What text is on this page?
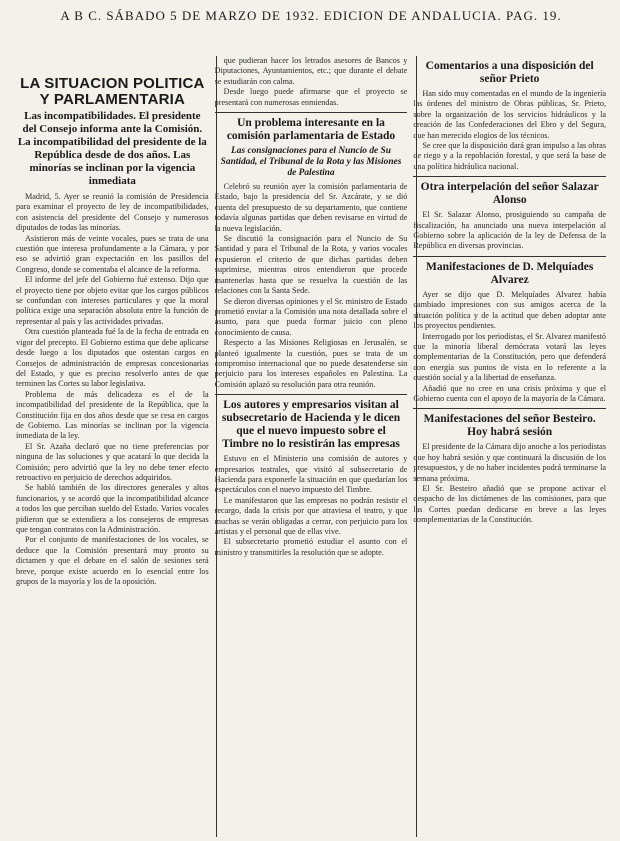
A B C. SÁBADO 5 DE MARZO DE 1932. EDICION DE ANDALUCIA. PAG. 19.
LA SITUACION POLITICA Y PARLAMENTARIA
Las incompatibilidades. El presidente del Consejo informa ante la Comisión. La incompatibilidad del presidente de la República desde de dos años. Las minorías se inclinan por la vigencia inmediata

Madrid, 5. Ayer se reunió la comisión de Presidencia para examinar el proyecto de ley de incompatibilidades, con asistencia del presidente del Consejo y numerosos diputados de todas las minorías.

Asistieron más de veinte vocales, pues se trata de una cuestión que interesa profundamente a la Cámara, y por eso se advirtió gran expectación en los pasillos del Congreso, donde se comentaba el alcance de la reforma.

El informe del jefe del Gobierno fué extenso. Dijo que el proyecto tiene por objeto evitar que los cargos públicos se confundan con intereses particulares y que la moral política exige una separación absoluta entre la función de representar al país y las actividades privadas.

Otra cuestión planteada fué la de la fecha de entrada en vigor del precepto. El Gobierno estima que debe aplicarse desde luego a los diputados que ostentan cargos en Consejos de administración de empresas concesionarias del Estado, y que es preciso resolverlo antes de que terminen las Cortes su labor legislativa.

Problema de más delicadeza es el de la incompatibilidad del presidente de la República, que la Constitución fija en dos años desde que se cesa en cargos de Gobierno. Las minorías se inclinan por la vigencia inmediata de la ley.

El Sr. Azaña declaró que no tiene preferencias por ninguna de las soluciones y que acatará lo que decida la Comisión; pero advirtió que la ley no debe tener efecto retroactivo en perjuicio de derechos adquiridos.

Se habló también de los directores generales y altos funcionarios, y se acordó que la incompatibilidad alcance a todos los que perciban sueldo del Estado. Varios vocales pidieron que se extendiera a los consejeros de empresas que tengan contratos con la Administración.

Por el conjunto de manifestaciones de los vocales, se deduce que la Comisión presentará muy pronto su dictamen y que el debate en el salón de sesiones será breve, porque existe acuerdo en lo esencial entre los grupos de la mayoría y los de la oposición.

que pudieran hacer los letrados asesores de Bancos y Diputaciones, Ayuntamientos, etc.; que durante el debate se estudiarán con calma.

Desde luego puede afirmarse que el proyecto se presentará con numerosas enmiendas.

Un problema interesante en la comisión parlamentaria de Estado
Las consignaciones para el Nuncio de Su Santidad, el Tribunal de la Rota y las Misiones de Palestina

Celebró su reunión ayer la comisión parlamentaria de Estado, bajo la presidencia del Sr. Azcárate, y se dió cuenta del presupuesto de su departamento, que contiene todavía algunas partidas que deben revisarse en virtud de la nueva legislación.

Se discutió la consignación para el Nuncio de Su Santidad y para el Tribunal de la Rota, y varios vocales expusieron el criterio de que dichas partidas deben suprimirse, mientras otros entendieron que procede mantenerlas hasta que se resuelva la cuestión de las relaciones con la Santa Sede.

Se dieron diversas opiniones y el Sr. ministro de Estado prometió enviar a la Comisión una nota detallada sobre el asunto, para que pueda formar juicio con pleno conocimiento de causa.

Respecto a las Misiones Religiosas en Jerusalén, se planteó igualmente la cuestión, pues se trata de un compromiso internacional que no puede desatenderse sin perjuicio para los intereses españoles en Palestina. La Comisión aplazó su resolución para otra reunión.

Los autores y empresarios visitan al subsecretario de Hacienda y le dicen que el nuevo impuesto sobre el Timbre no lo resistirán las empresas

Estuvo en el Ministerio una comisión de autores y empresarios teatrales, que visitó al subsecretario de Hacienda para exponerle la situación en que quedarían los espectáculos con el nuevo impuesto del Timbre.

Le manifestaron que las empresas no podrán resistir el recargo, dada la crisis por que atraviesa el teatro, y que muchas se verán obligadas a cerrar, con perjuicio para los artistas y el personal que de ellas vive.

El subsecretario prometió estudiar el asunto con el ministro y transmitirles la resolución que se adopte.

Comentarios a una disposición del señor Prieto

Han sido muy comentadas en el mundo de la ingeniería las órdenes del ministro de Obras públicas, Sr. Prieto, sobre la organización de los servicios hidráulicos y la creación de las Confederaciones del Ebro y del Segura, que han merecido elogios de los técnicos.

Se cree que la disposición dará gran impulso a las obras de riego y a la repoblación forestal, y que será la base de una política hidráulica nacional.

Otra interpelación del señor Salazar Alonso

El Sr. Salazar Alonso, prosiguiendo su campaña de fiscalización, ha anunciado una nueva interpelación al Gobierno sobre la aplicación de la ley de Defensa de la República en diversas provincias.

Manifestaciones de D. Melquíades Alvarez

Ayer se dijo que D. Melquíades Alvarez había cambiado impresiones con sus amigos acerca de la situación política y de la actitud que deben adoptar ante los proyectos pendientes.

Interrogado por los periodistas, el Sr. Alvarez manifestó que la minoría liberal demócrata votará las leyes complementarias de la Constitución, pero que defenderá con energía sus puntos de vista en lo referente a la cuestión social y a la libertad de enseñanza.

Añadió que no cree en una crisis próxima y que el Gobierno cuenta con el apoyo de la mayoría de la Cámara.

Manifestaciones del señor Besteiro. Hoy habrá sesión

El presidente de la Cámara dijo anoche a los periodistas que hoy habrá sesión y que continuará la discusión de los presupuestos, y de no haber incidentes podrá terminarse la semana próxima.

El Sr. Besteiro añadió que se propone activar el despacho de los dictámenes de las comisiones, para que las Cortes puedan dedicarse en breve a las leyes complementarias de la Constitución.
